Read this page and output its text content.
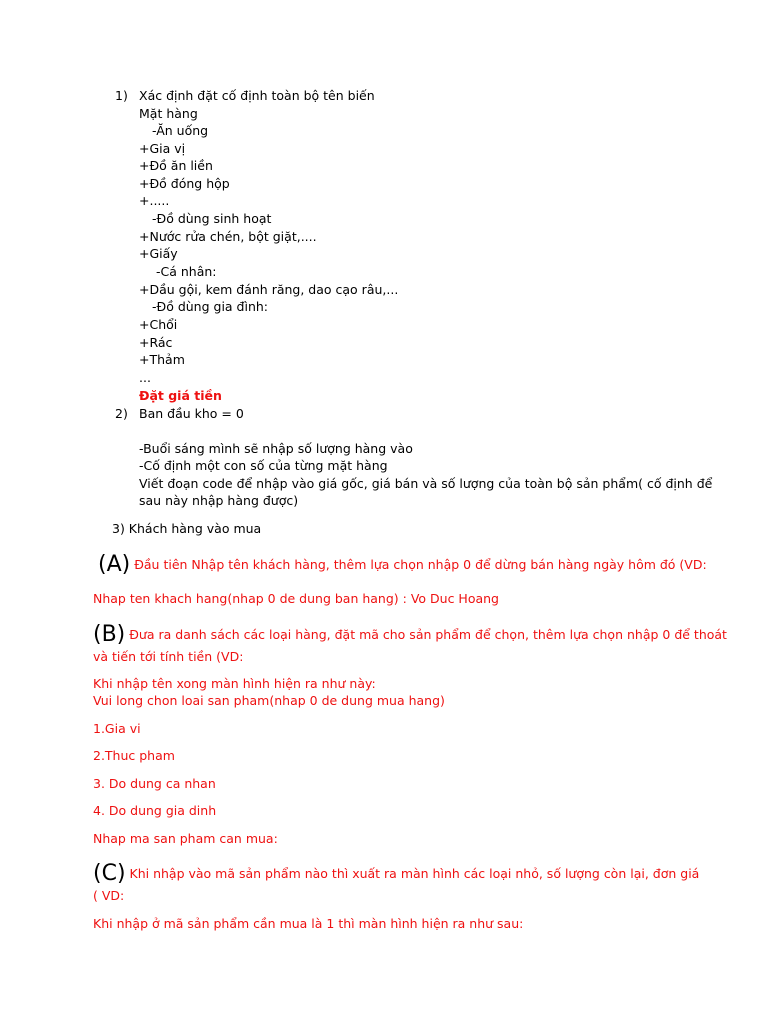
1) Xác định đặt cố định toàn bộ tên biến
Mặt hàng
-Ăn uống
+Gia vị
+Đồ ăn liền
+Đồ đóng hộp
+.....
-Đồ dùng sinh hoạt
+Nước rửa chén, bột giặt,....
+Giấy
-Cá nhân:
+Dầu gội, kem đánh răng, dao cạo râu,...
-Đồ dùng gia đình:
+Chổi
+Rác
+Thảm
...
Đặt giá tiền
2) Ban đầu kho = 0
-Buổi sáng mình sẽ nhập số lượng hàng vào
-Cố định một con số của từng mặt hàng
Viết đoạn code để nhập vào giá gốc, giá bán và số lượng của toàn bộ sản phẩm( cố định để
sau này nhập hàng được)
3) Khách hàng vào mua
(A) Đầu tiên Nhập tên khách hàng, thêm lựa chọn nhập 0 để dừng bán hàng ngày hôm đó (VD:
Nhap ten khach hang(nhap 0 de dung ban hang) : Vo Duc Hoang
(B) Đưa ra danh sách các loại hàng, đặt mã cho sản phẩm để chọn, thêm lựa chọn nhập 0 để thoát
và tiến tới tính tiền (VD:
Khi nhập tên xong màn hình hiện ra như này:
Vui long chon loai san pham(nhap 0 de dung mua hang)
1.Gia vi
2.Thuc pham
3. Do dung ca nhan
4. Do dung gia dinh
Nhap ma san pham can mua:
(C) Khi nhập vào mã sản phẩm nào thì xuất ra màn hình các loại nhỏ, số lượng còn lại, đơn giá
( VD:
Khi nhập ở mã sản phẩm cần mua là 1 thì màn hình hiện ra như sau:
